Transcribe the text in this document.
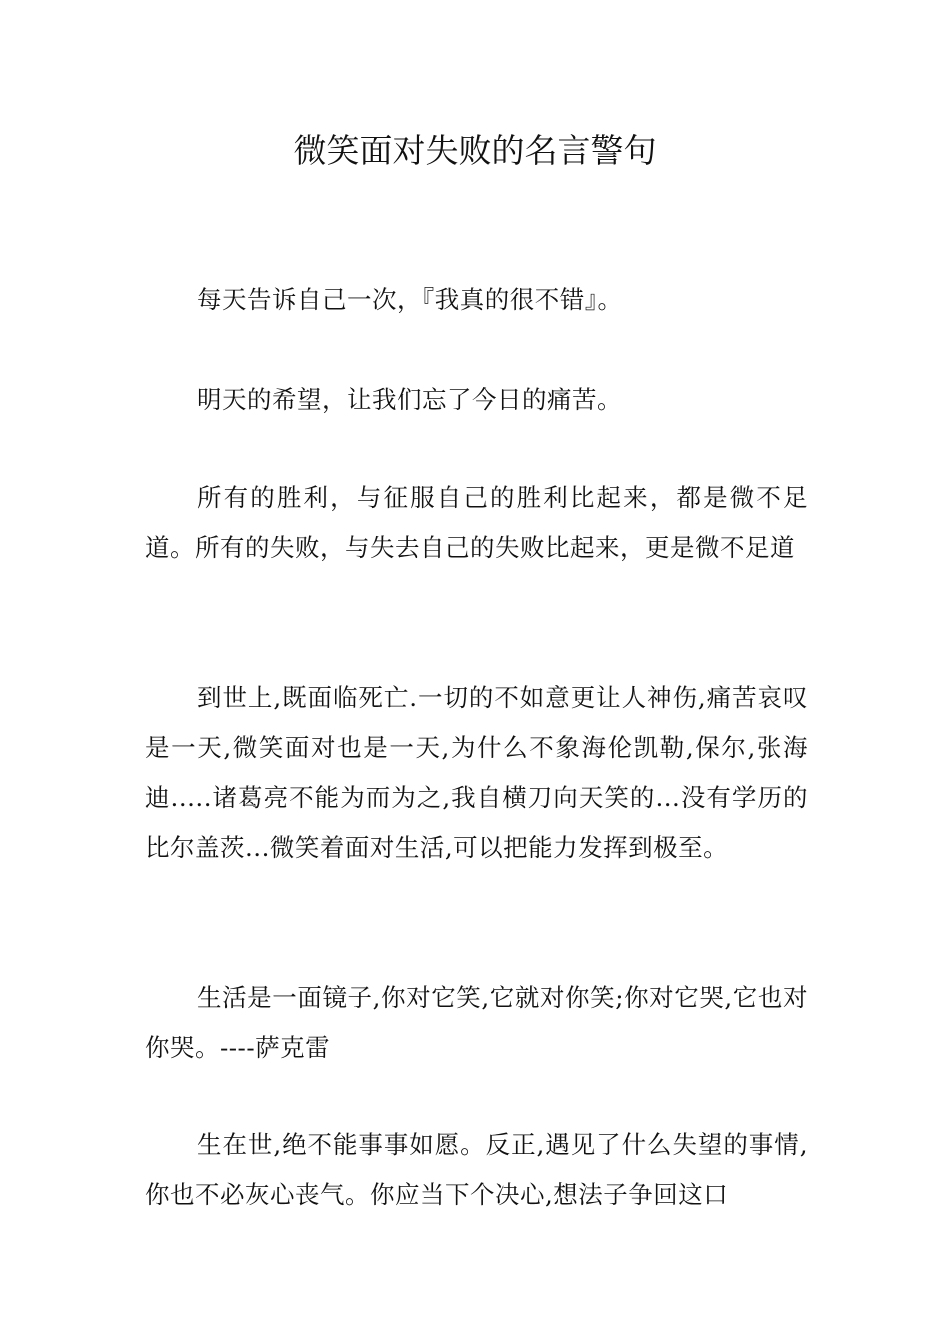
微笑面对失败的名言警句

每天告诉自己一次，『我真的很不错』。

明天的希望，让我们忘了今日的痛苦。

所有的胜利，与征服自己的胜利比起来，都是微不足道。所有的失败，与失去自己的失败比起来，更是微不足道

到世上,既面临死亡.一切的不如意更让人神伤,痛苦哀叹是一天,微笑面对也是一天,为什么不象海伦凯勒,保尔,张海迪.....诸葛亮不能为而为之,我自横刀向天笑的...没有学历的比尔盖茨...微笑着面对生活,可以把能力发挥到极至。

生活是一面镜子,你对它笑,它就对你笑;你对它哭,它也对你哭。----萨克雷

生在世,绝不能事事如愿。反正,遇见了什么失望的事情,你也不必灰心丧气。你应当下个决心,想法子争回这口
